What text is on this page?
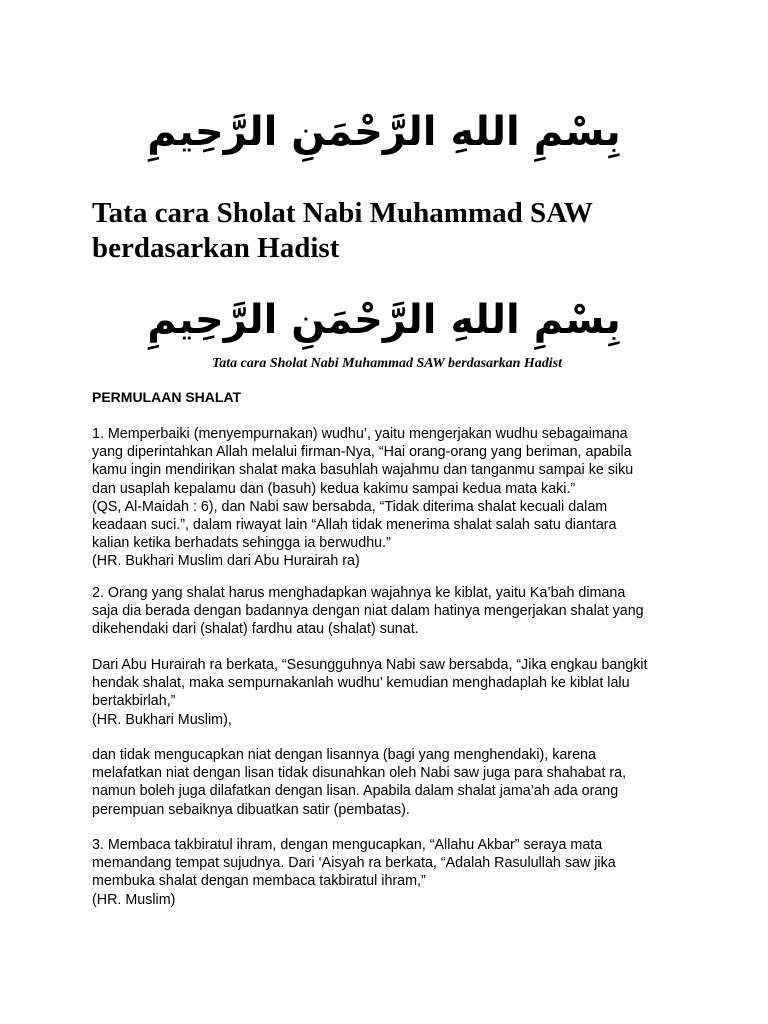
بِسْمِ اللهِ الرَّحْمَنِ الرَّحِيمِ
Tata cara Sholat Nabi Muhammad SAW
berdasarkan Hadist
بِسْمِ اللهِ الرَّحْمَنِ الرَّحِيمِ
Tata cara Sholat Nabi Muhammad SAW berdasarkan Hadist
PERMULAAN SHALAT
1. Memperbaiki (menyempurnakan) wudhu’, yaitu mengerjakan wudhu sebagaimana
yang diperintahkan Allah melalui firman-Nya, “Hai orang-orang yang beriman, apabila
kamu ingin mendirikan shalat maka basuhlah wajahmu dan tanganmu sampai ke siku
dan usaplah kepalamu dan (basuh) kedua kakimu sampai kedua mata kaki.”
(QS, Al-Maidah : 6), dan Nabi saw bersabda, “Tidak diterima shalat kecuali dalam
keadaan suci.”, dalam riwayat lain “Allah tidak menerima shalat salah satu diantara
kalian ketika berhadats sehingga ia berwudhu.”
(HR. Bukhari Muslim dari Abu Hurairah ra)
2. Orang yang shalat harus menghadapkan wajahnya ke kiblat, yaitu Ka’bah dimana
saja dia berada dengan badannya dengan niat dalam hatinya mengerjakan shalat yang
dikehendaki dari (shalat) fardhu atau (shalat) sunat.
Dari Abu Hurairah ra berkata, “Sesungguhnya Nabi saw bersabda, “Jika engkau bangkit
hendak shalat, maka sempurnakanlah wudhu’ kemudian menghadaplah ke kiblat lalu
bertakbirlah,”
(HR. Bukhari Muslim),
dan tidak mengucapkan niat dengan lisannya (bagi yang menghendaki), karena
melafatkan niat dengan lisan tidak disunahkan oleh Nabi saw juga para shahabat ra,
namun boleh juga dilafatkan dengan lisan. Apabila dalam shalat jama’ah ada orang
perempuan sebaiknya dibuatkan satir (pembatas).
3. Membaca takbiratul ihram, dengan mengucapkan, “Allahu Akbar” seraya mata
memandang tempat sujudnya. Dari ‘Aisyah ra berkata, “Adalah Rasulullah saw jika
membuka shalat dengan membaca takbiratul ihram,”
(HR. Muslim)
